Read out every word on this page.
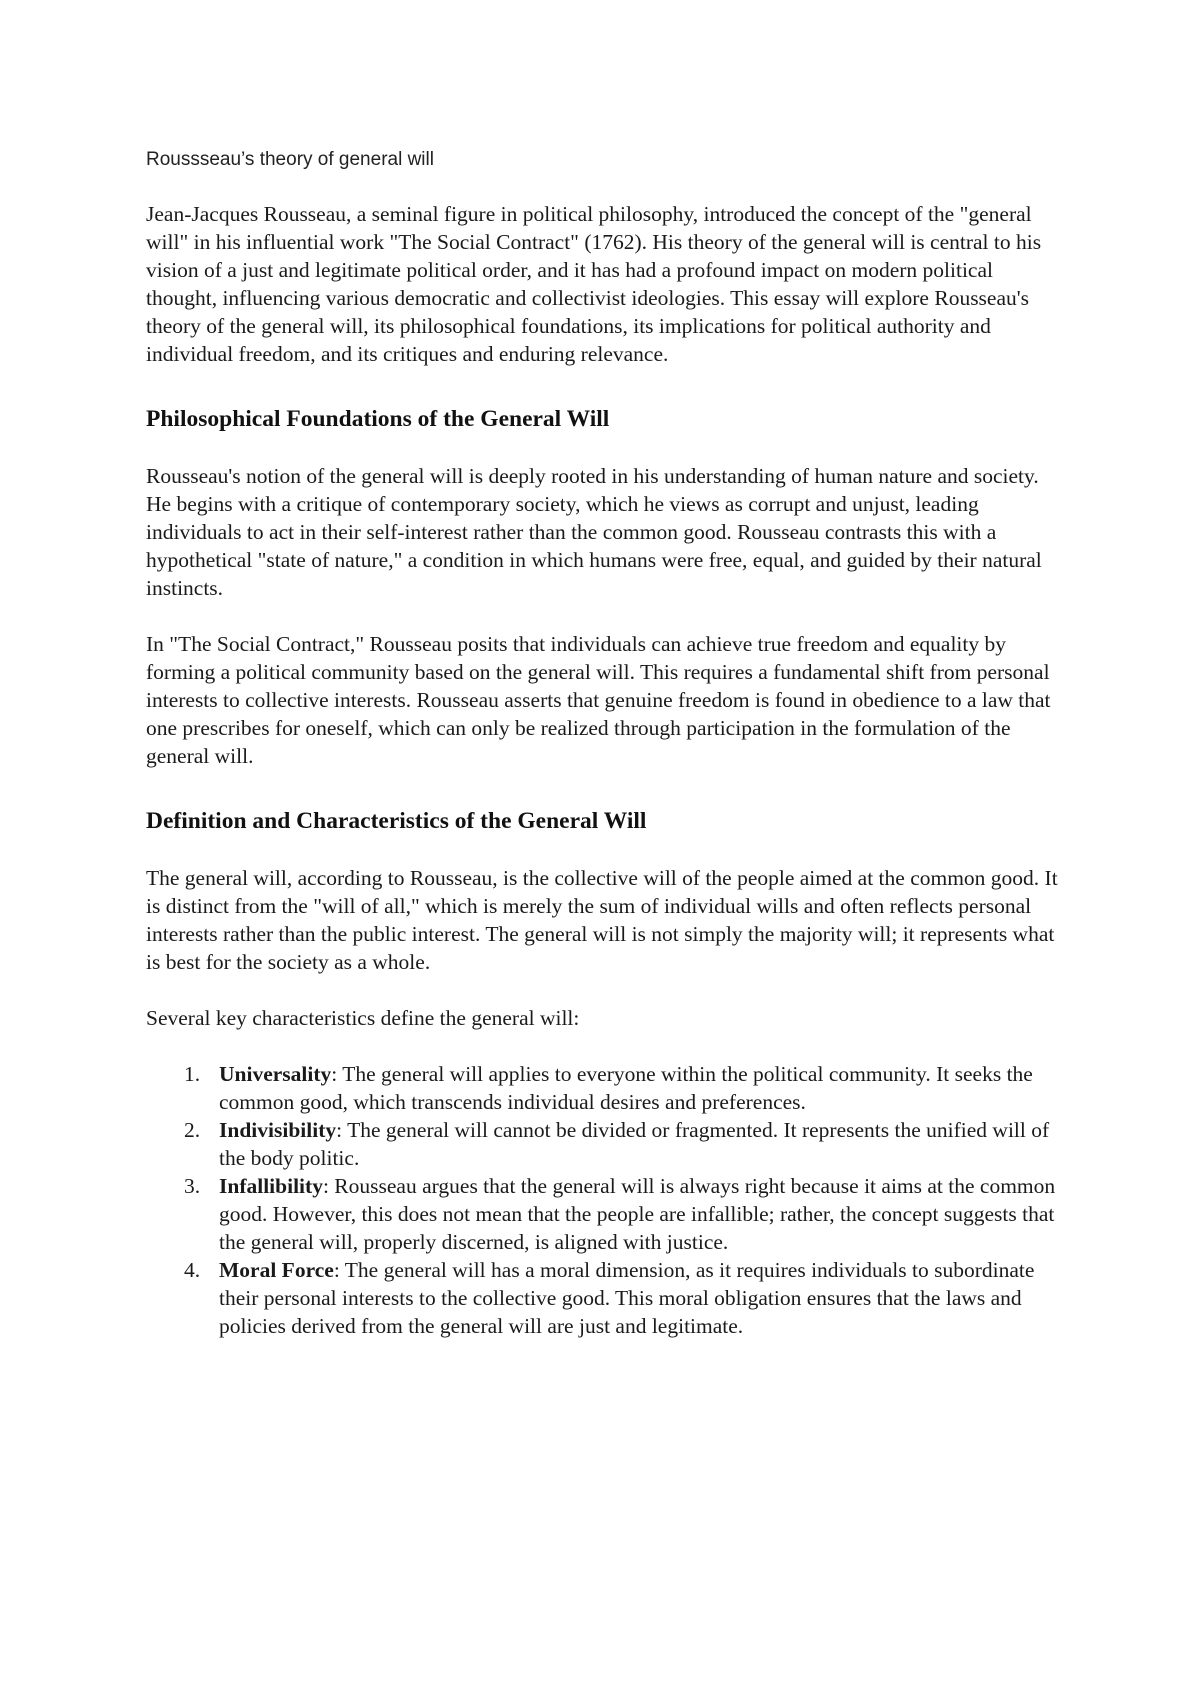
Roussseau’s theory of general will

Jean-Jacques Rousseau, a seminal figure in political philosophy, introduced the concept of the "general will" in his influential work "The Social Contract" (1762). His theory of the general will is central to his vision of a just and legitimate political order, and it has had a profound impact on modern political thought, influencing various democratic and collectivist ideologies. This essay will explore Rousseau's theory of the general will, its philosophical foundations, its implications for political authority and individual freedom, and its critiques and enduring relevance.

Philosophical Foundations of the General Will

Rousseau's notion of the general will is deeply rooted in his understanding of human nature and society. He begins with a critique of contemporary society, which he views as corrupt and unjust, leading individuals to act in their self-interest rather than the common good. Rousseau contrasts this with a hypothetical "state of nature," a condition in which humans were free, equal, and guided by their natural instincts.

In "The Social Contract," Rousseau posits that individuals can achieve true freedom and equality by forming a political community based on the general will. This requires a fundamental shift from personal interests to collective interests. Rousseau asserts that genuine freedom is found in obedience to a law that one prescribes for oneself, which can only be realized through participation in the formulation of the general will.

Definition and Characteristics of the General Will

The general will, according to Rousseau, is the collective will of the people aimed at the common good. It is distinct from the "will of all," which is merely the sum of individual wills and often reflects personal interests rather than the public interest. The general will is not simply the majority will; it represents what is best for the society as a whole.

Several key characteristics define the general will:

1. Universality: The general will applies to everyone within the political community. It seeks the common good, which transcends individual desires and preferences.
2. Indivisibility: The general will cannot be divided or fragmented. It represents the unified will of the body politic.
3. Infallibility: Rousseau argues that the general will is always right because it aims at the common good. However, this does not mean that the people are infallible; rather, the concept suggests that the general will, properly discerned, is aligned with justice.
4. Moral Force: The general will has a moral dimension, as it requires individuals to subordinate their personal interests to the collective good. This moral obligation ensures that the laws and policies derived from the general will are just and legitimate.
